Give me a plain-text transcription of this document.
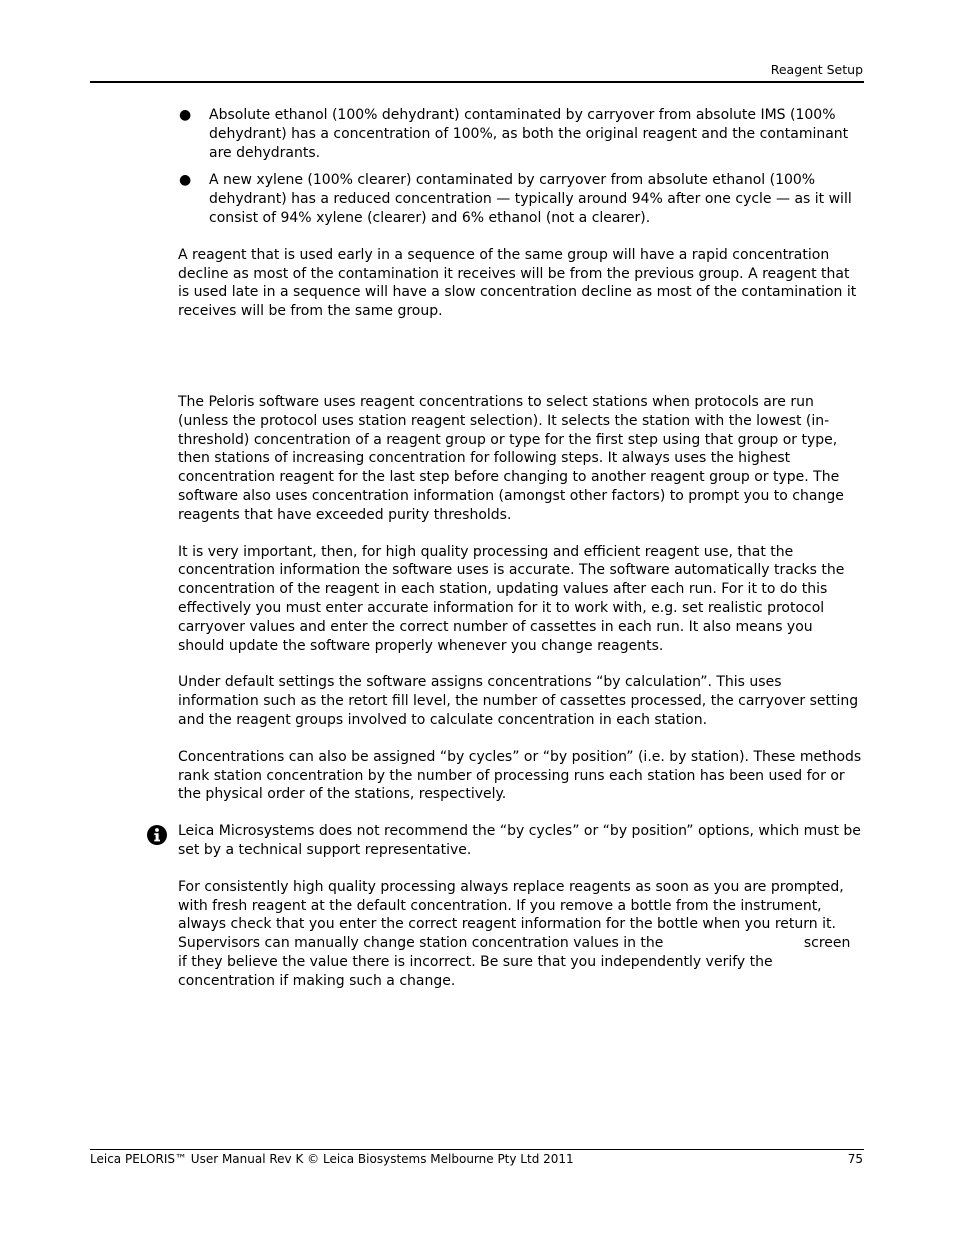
Reagent Setup
● Absolute ethanol (100% dehydrant) contaminated by carryover from absolute IMS (100% dehydrant) has a concentration of 100%, as both the original reagent and the contaminant are dehydrants.
● A new xylene (100% clearer) contaminated by carryover from absolute ethanol (100% dehydrant) has a reduced concentration — typically around 94% after one cycle — as it will consist of 94% xylene (clearer) and 6% ethanol (not a clearer).

A reagent that is used early in a sequence of the same group will have a rapid concentration decline as most of the contamination it receives will be from the previous group. A reagent that is used late in a sequence will have a slow concentration decline as most of the contamination it receives will be from the same group.

The Peloris software uses reagent concentrations to select stations when protocols are run (unless the protocol uses station reagent selection). It selects the station with the lowest (in-threshold) concentration of a reagent group or type for the first step using that group or type, then stations of increasing concentration for following steps. It always uses the highest concentration reagent for the last step before changing to another reagent group or type. The software also uses concentration information (amongst other factors) to prompt you to change reagents that have exceeded purity thresholds.

It is very important, then, for high quality processing and efficient reagent use, that the concentration information the software uses is accurate. The software automatically tracks the concentration of the reagent in each station, updating values after each run. For it to do this effectively you must enter accurate information for it to work with, e.g. set realistic protocol carryover values and enter the correct number of cassettes in each run. It also means you should update the software properly whenever you change reagents.

Under default settings the software assigns concentrations “by calculation”. This uses information such as the retort fill level, the number of cassettes processed, the carryover setting and the reagent groups involved to calculate concentration in each station.

Concentrations can also be assigned “by cycles” or “by position” (i.e. by station). These methods rank station concentration by the number of processing runs each station has been used for or the physical order of the stations, respectively.

Leica Microsystems does not recommend the “by cycles” or “by position” options, which must be set by a technical support representative.

For consistently high quality processing always replace reagents as soon as you are prompted, with fresh reagent at the default concentration. If you remove a bottle from the instrument, always check that you enter the correct reagent information for the bottle when you return it. Supervisors can manually change station concentration values in the	screen if they believe the value there is incorrect. Be sure that you independently verify the concentration if making such a change.

Leica PELORIS™ User Manual Rev K © Leica Biosystems Melbourne Pty Ltd 2011	75
